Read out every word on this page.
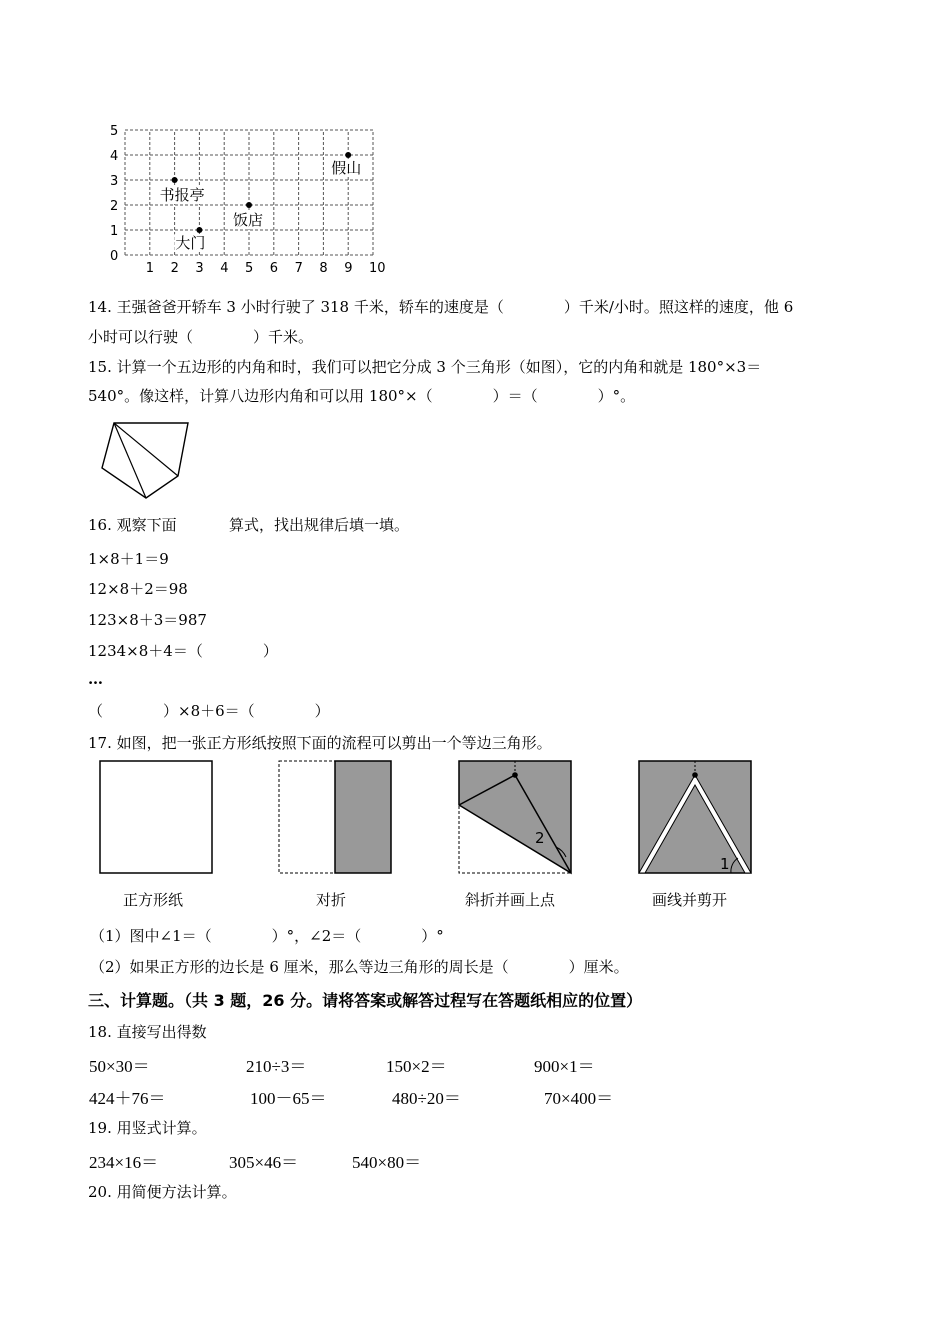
1 2 3 4 5 6 7 8 9 10
0
1
2
3
4
5
书报亭
假山
饭店
大门
14. 王强爸爸开轿车 3 小时行驶了 318 千米，轿车的速度是（　　　　）千米/小时。照这样的速度，他 6
小时可以行驶（　　　　）千米。
15. 计算一个五边形的内角和时，我们可以把它分成 3 个三角形（如图），它的内角和就是 180°×3＝
540°。像这样，计算八边形内角和可以用 180°×（　　　　）＝（　　　　）°。
16. 观察下面	算式，找出规律后填一填。
1×8＋1＝9
12×8＋2＝98
123×8＋3＝987
1234×8＋4＝（　　　　）
…
（　　　　）×8＋6＝（　　　　）
17. 如图，把一张正方形纸按照下面的流程可以剪出一个等边三角形。
2
1
正方形纸	对折	斜折并画上点	画线并剪开
（1）图中∠1＝（　　　　）°，∠2＝（　　　　）°
（2）如果正方形的边长是 6 厘米，那么等边三角形的周长是（　　　　）厘米。
三、计算题。（共 3 题，26 分。请将答案或解答过程写在答题纸相应的位置）
18. 直接写出得数
50×30＝	210÷3＝	150×2＝	900×1＝
424＋76＝	100－65＝	480÷20＝	70×400＝
19. 用竖式计算。
234×16＝	305×46＝	540×80＝
20. 用简便方法计算。
